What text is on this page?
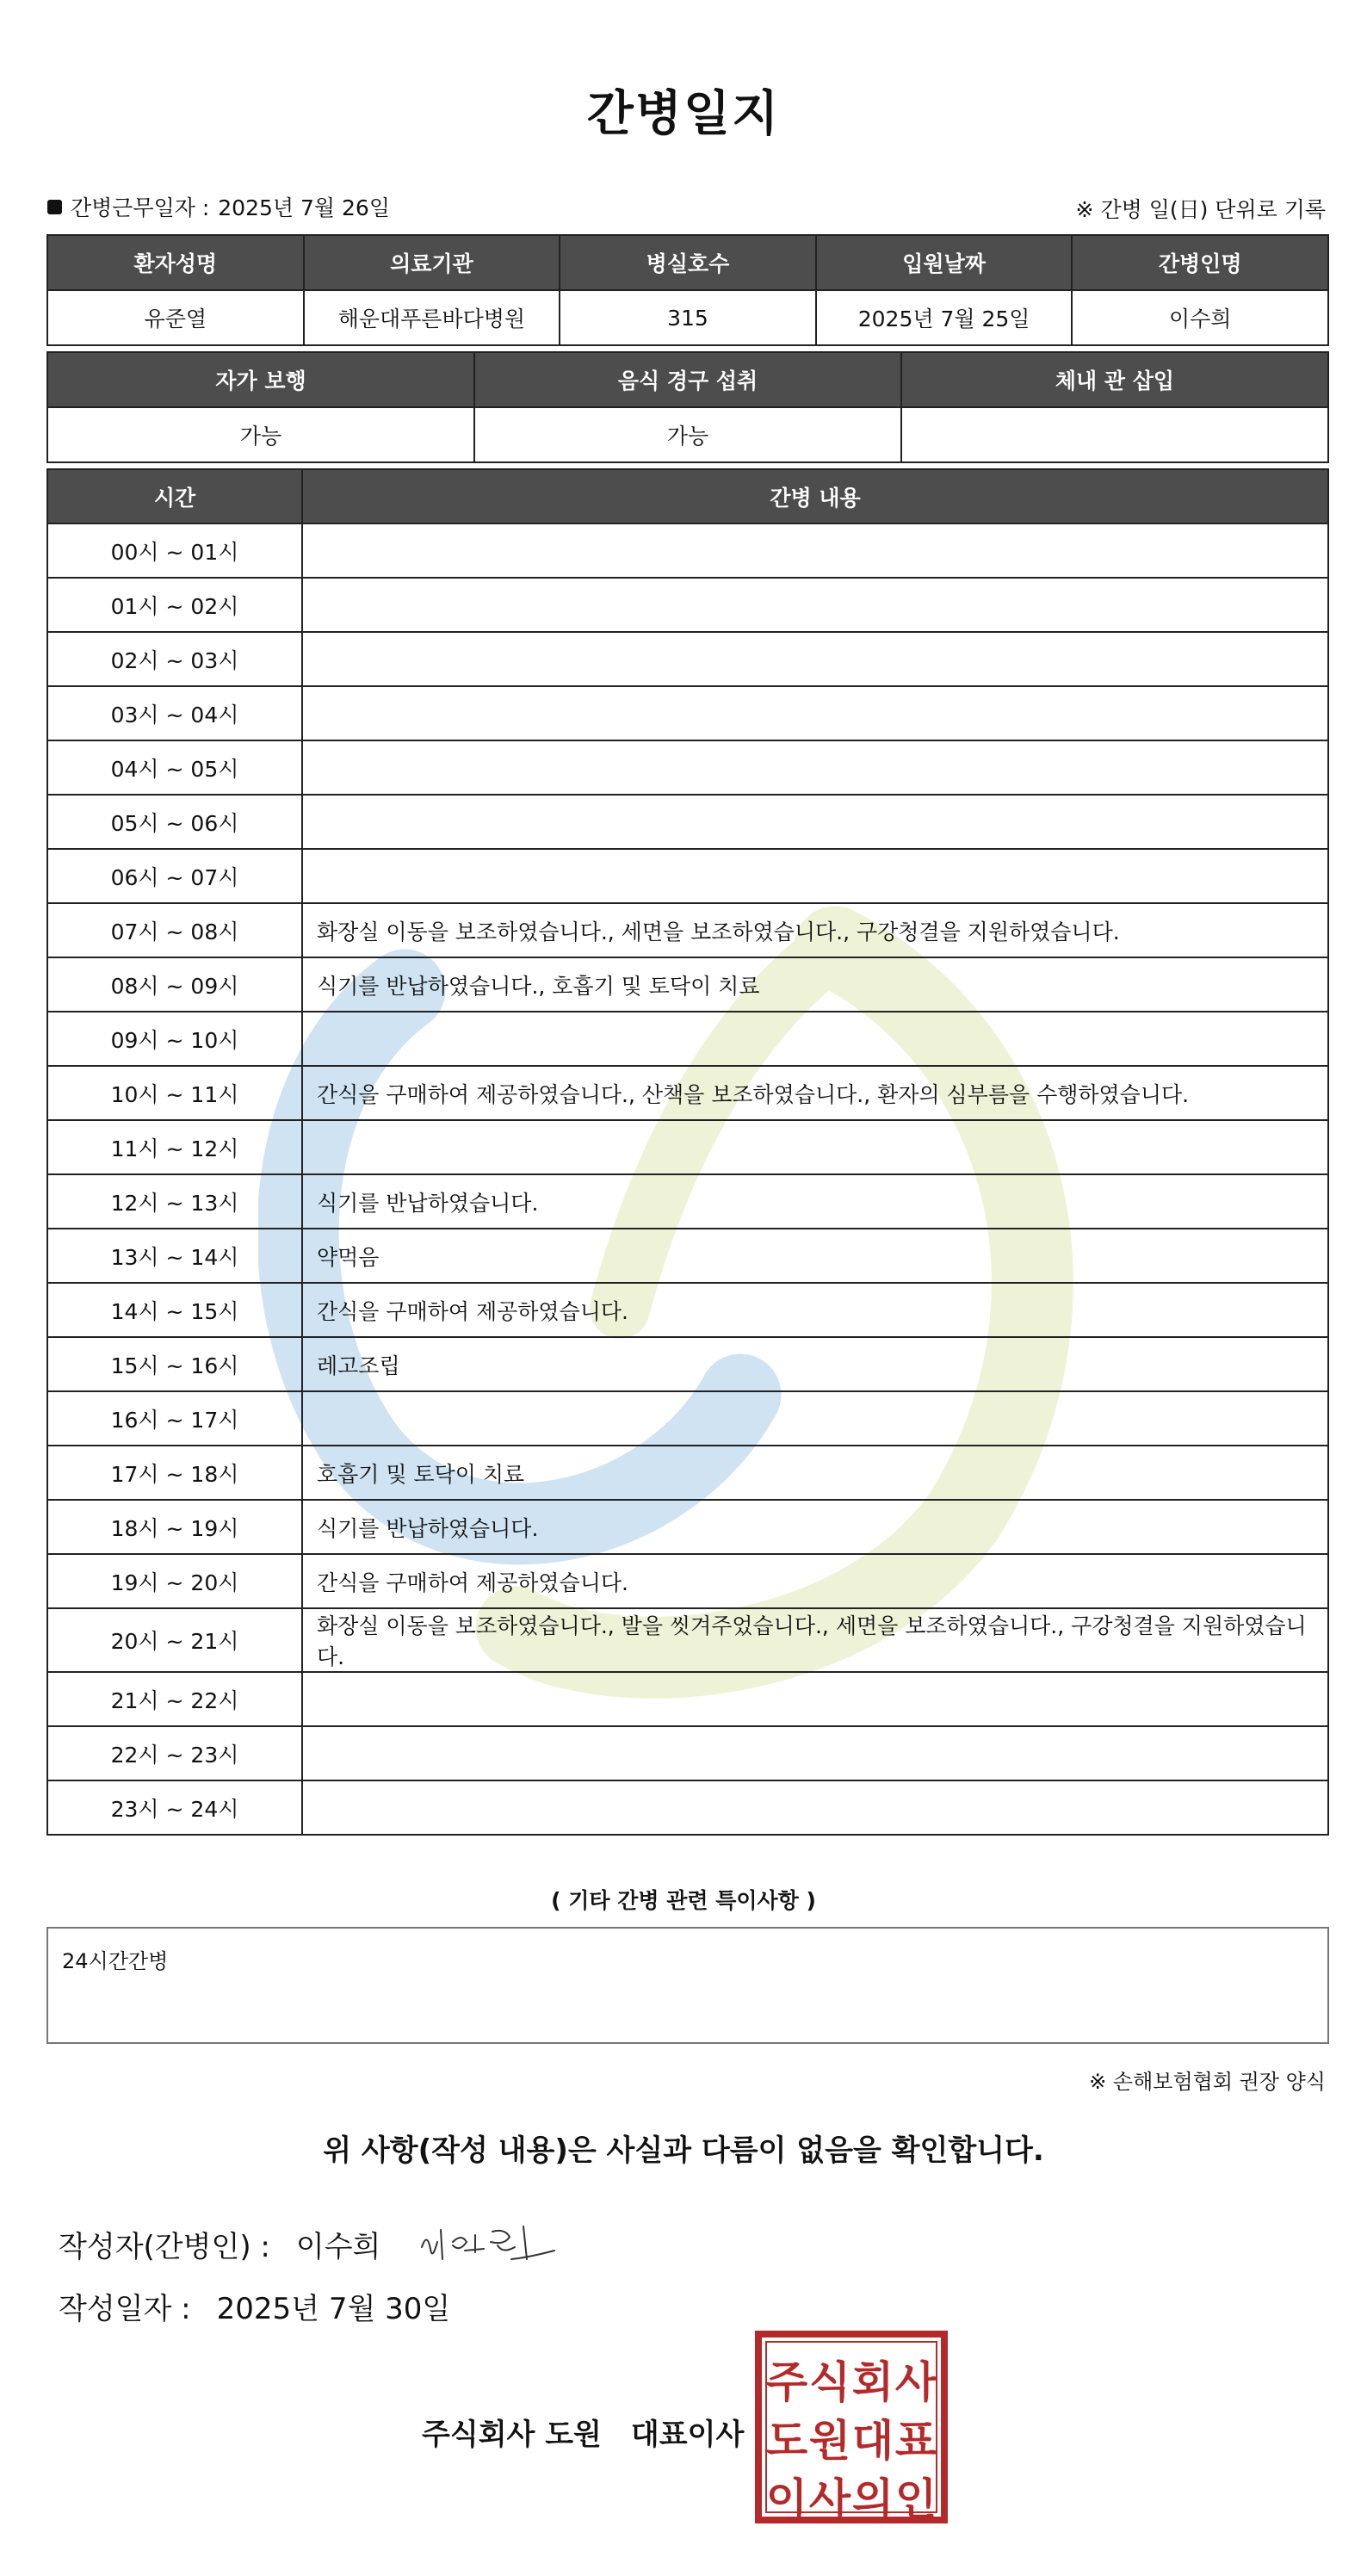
간병일지
간병근무일자 : 2025년 7월 26일	※ 간병 일(日) 단위로 기록
환자성명	의료기관	병실호수	입원날짜	간병인명
유준열	해운대푸른바다병원	315	2025년 7월 25일	이수희
자가 보행	음식 경구 섭취	체내 관 삽입
가능	가능	
시간	간병 내용
00시 ~ 01시	
01시 ~ 02시	
02시 ~ 03시	
03시 ~ 04시	
04시 ~ 05시	
05시 ~ 06시	
06시 ~ 07시	
07시 ~ 08시	화장실 이동을 보조하였습니다., 세면을 보조하였습니다., 구강청결을 지원하였습니다.
08시 ~ 09시	식기를 반납하였습니다., 호흡기 및 토닥이 치료
09시 ~ 10시	
10시 ~ 11시	간식을 구매하여 제공하였습니다., 산책을 보조하였습니다., 환자의 심부름을 수행하였습니다.
11시 ~ 12시	
12시 ~ 13시	식기를 반납하였습니다.
13시 ~ 14시	약먹음
14시 ~ 15시	간식을 구매하여 제공하였습니다.
15시 ~ 16시	레고조립
16시 ~ 17시	
17시 ~ 18시	호흡기 및 토닥이 치료
18시 ~ 19시	식기를 반납하였습니다.
19시 ~ 20시	간식을 구매하여 제공하였습니다.
20시 ~ 21시	화장실 이동을 보조하였습니다., 발을 씻겨주었습니다., 세면을 보조하였습니다., 구강청결을 지원하였습니다.
21시 ~ 22시	
22시 ~ 23시	
23시 ~ 24시	
( 기타 간병 관련 특이사항 )
24시간간병
※ 손해보험협회 권장 양식
위 사항(작성 내용)은 사실과 다름이 없음을 확인합니다.
작성자(간병인) : 이수희
작성일자 : 2025년 7월 30일
주식회사 도원 대표이사
주 식 회 사
도 원 대 표
이 사 의 인
